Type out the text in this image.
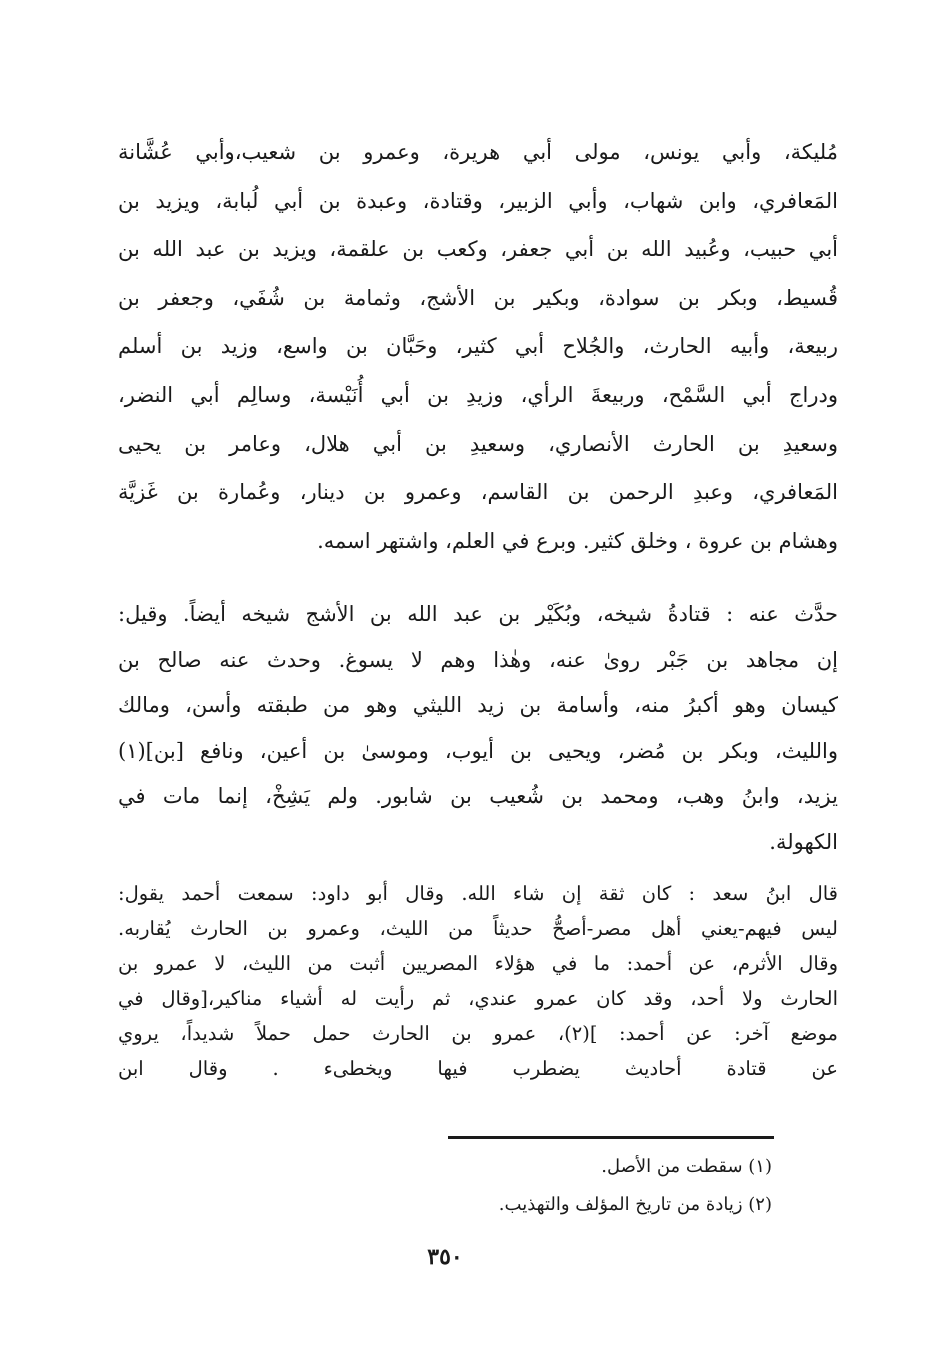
مُليكة، وأبي يونس، مولى أبي هريرة، وعمرو بن شعيب،وأبي عُشَّانة
المَعافري، وابن شهاب، وأبي الزبير، وقتادة، وعبدة بن أبي لُبابة، ويزيد بن
أبي حبيب، وعُبيد الله بن أبي جعفر، وكعب بن علقمة، ويزيد بن عبد الله بن
قُسيط، وبكر بن سوادة، وبكير بن الأشج، وثمامة بن شُفَي، وجعفر بن
ربيعة، وأبيه الحارث، والجُلاح أبي كثير، وحَبَّان بن واسع، وزيد بن أسلم
ودراج أبي السَّمْح، وربيعةَ الرأي، وزيدِ بن أبي أُنَيْسة، وسالِم أبي النضر،
وسعيدِ بن الحارث الأنصاري، وسعيدِ بن أبي هلال، وعامر بن يحيى
المَعافري، وعبدِ الرحمن بن القاسم، وعمرو بن دينار، وعُمارة بن غَزيَّة
وهشام بن عروة ، وخلق كثير. وبرع في العلم، واشتهر اسمه.
حدَّث عنه : قتادةُ شيخه، وبُكَيْر بن عبد الله بن الأشج شيخه أيضاً. وقيل:
إن مجاهد بن جَبْر روىٰ عنه، وهٰذا وهم لا يسوغ. وحدث عنه صالح بن
كيسان وهو أكبرُ منه، وأسامة بن زيد الليثي وهو من طبقته وأسن، ومالك
والليث، وبكر بن مُضر، ويحيى بن أيوب، وموسىٰ بن أعين، ونافع [بن](١)
يزيد، وابنُ وهب، ومحمد بن شُعيب بن شابور. ولم يَشِخْ، إنما مات في
الكهولة.
قال ابنُ سعد : كان ثقة إن شاء الله. وقال أبو داود: سمعت أحمد يقول:
ليس فيهم-يعني أهل مصر-أصحُّ حديثاً من الليث، وعمرو بن الحارث يُقاربه.
وقال الأثرم، عن أحمد: ما في هؤلاء المصريين أثبت من الليث، لا عمرو بن
الحارث ولا أحد، وقد كان عمرو عندي، ثم رأيت له أشياء مناكير،[وقال في
موضع آخر: عن أحمد: ](٢)، عمرو بن الحارث حمل حملاً شديداً، يروي
عن قتادة أحاديث يضطرب فيها ويخطىء . وقال ابن
(١) سقطت من الأصل.
(٢) زيادة من تاريخ المؤلف والتهذيب.
٣٥٠
